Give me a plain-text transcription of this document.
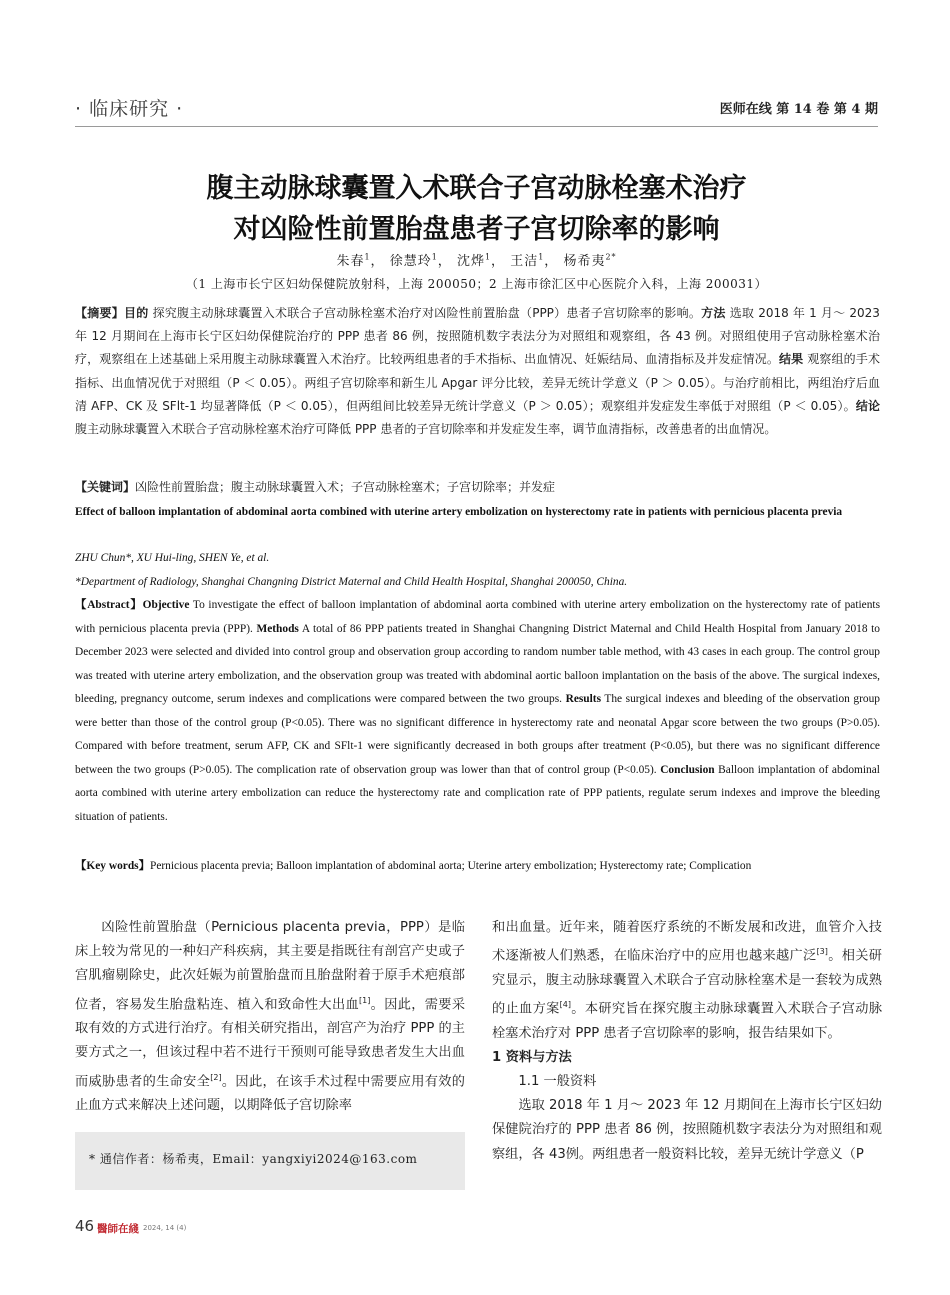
· 临床研究 ·	医师在线 第 14 卷 第 4 期
腹主动脉球囊置入术联合子宫动脉栓塞术治疗
对凶险性前置胎盘患者子宫切除率的影响
朱春$^1$， 徐慧玲$^1$， 沈烨$^1$， 王洁$^1$， 杨希夷$^{2*}$
（1 上海市长宁区妇幼保健院放射科，上海 200050；2 上海市徐汇区中心医院介入科，上海 200031）
【摘要】目的 探究腹主动脉球囊置入术联合子宫动脉栓塞术治疗对凶险性前置胎盘（PPP）患者子宫切除率的影响。方法 选取 2018 年 1 月～ 2023 年 12 月期间在上海市长宁区妇幼保健院治疗的 PPP 患者 86 例，按照随机数字表法分为对照组和观察组，各 43 例。对照组使用子宫动脉栓塞术治疗，观察组在上述基础上采用腹主动脉球囊置入术治疗。比较两组患者的手术指标、出血情况、妊娠结局、血清指标及并发症情况。结果 观察组的手术指标、出血情况优于对照组（P ＜ 0.05）。两组子宫切除率和新生儿 Apgar 评分比较，差异无统计学意义（P ＞ 0.05）。与治疗前相比，两组治疗后血清 AFP、CK 及 SFlt-1 均显著降低（P ＜ 0.05），但两组间比较差异无统计学意义（P ＞ 0.05）；观察组并发症发生率低于对照组（P ＜ 0.05）。结论 腹主动脉球囊置入术联合子宫动脉栓塞术治疗可降低 PPP 患者的子宫切除率和并发症发生率，调节血清指标，改善患者的出血情况。
【关键词】凶险性前置胎盘；腹主动脉球囊置入术；子宫动脉栓塞术；子宫切除率；并发症
Effect of balloon implantation of abdominal aorta combined with uterine artery embolization on hysterectomy rate in patients with pernicious placenta previa
ZHU Chun*, XU Hui-ling, SHEN Ye, et al.
*Department of Radiology, Shanghai Changning District Maternal and Child Health Hospital, Shanghai 200050, China.
【Abstract】Objective To investigate the effect of balloon implantation of abdominal aorta combined with uterine artery embolization on the hysterectomy rate of patients with pernicious placenta previa (PPP). Methods A total of 86 PPP patients treated in Shanghai Changning District Maternal and Child Health Hospital from January 2018 to December 2023 were selected and divided into control group and observation group according to random number table method, with 43 cases in each group. The control group was treated with uterine artery embolization, and the observation group was treated with abdominal aortic balloon implantation on the basis of the above. The surgical indexes, bleeding, pregnancy outcome, serum indexes and complications were compared between the two groups. Results The surgical indexes and bleeding of the observation group were better than those of the control group (P<0.05). There was no significant difference in hysterectomy rate and neonatal Apgar score between the two groups (P>0.05). Compared with before treatment, serum AFP, CK and SFlt-1 were significantly decreased in both groups after treatment (P<0.05), but there was no significant difference between the two groups (P>0.05). The complication rate of observation group was lower than that of control group (P<0.05). Conclusion Balloon implantation of abdominal aorta combined with uterine artery embolization can reduce the hysterectomy rate and complication rate of PPP patients, regulate serum indexes and improve the bleeding situation of patients.
【Key words】Pernicious placenta previa; Balloon implantation of abdominal aorta; Uterine artery embolization; Hysterectomy rate; Complication

凶险性前置胎盘（Pernicious placenta previa，PPP）是临床上较为常见的一种妇产科疾病，其主要是指既往有剖宫产史或子宫肌瘤剔除史，此次妊娠为前置胎盘而且胎盘附着于原手术疤痕部位者，容易发生胎盘粘连、植入和致命性大出血[1]。因此，需要采取有效的方式进行治疗。有相关研究指出，剖宫产为治疗 PPP 的主要方式之一，但该过程中若不进行干预则可能导致患者发生大出血而威胁患者的生命安全[2]。因此，在该手术过程中需要应用有效的止血方式来解决上述问题，以期降低子宫切除率

* 通信作者：杨希夷，Email：yangxiyi2024@163.com

和出血量。近年来，随着医疗系统的不断发展和改进，血管介入技术逐渐被人们熟悉，在临床治疗中的应用也越来越广泛[3]。相关研究显示，腹主动脉球囊置入术联合子宫动脉栓塞术是一套较为成熟的止血方案[4]。本研究旨在探究腹主动脉球囊置入术联合子宫动脉栓塞术治疗对 PPP 患者子宫切除率的影响，报告结果如下。

1 资料与方法

1.1 一般资料

选取 2018 年 1 月～ 2023 年 12 月期间在上海市长宁区妇幼保健院治疗的 PPP 患者 86 例，按照随机数字表法分为对照组和观察组，各 43例。两组患者一般资料比较，差异无统计学意义（P

46 醫師在綫 2024, 14 (4)
